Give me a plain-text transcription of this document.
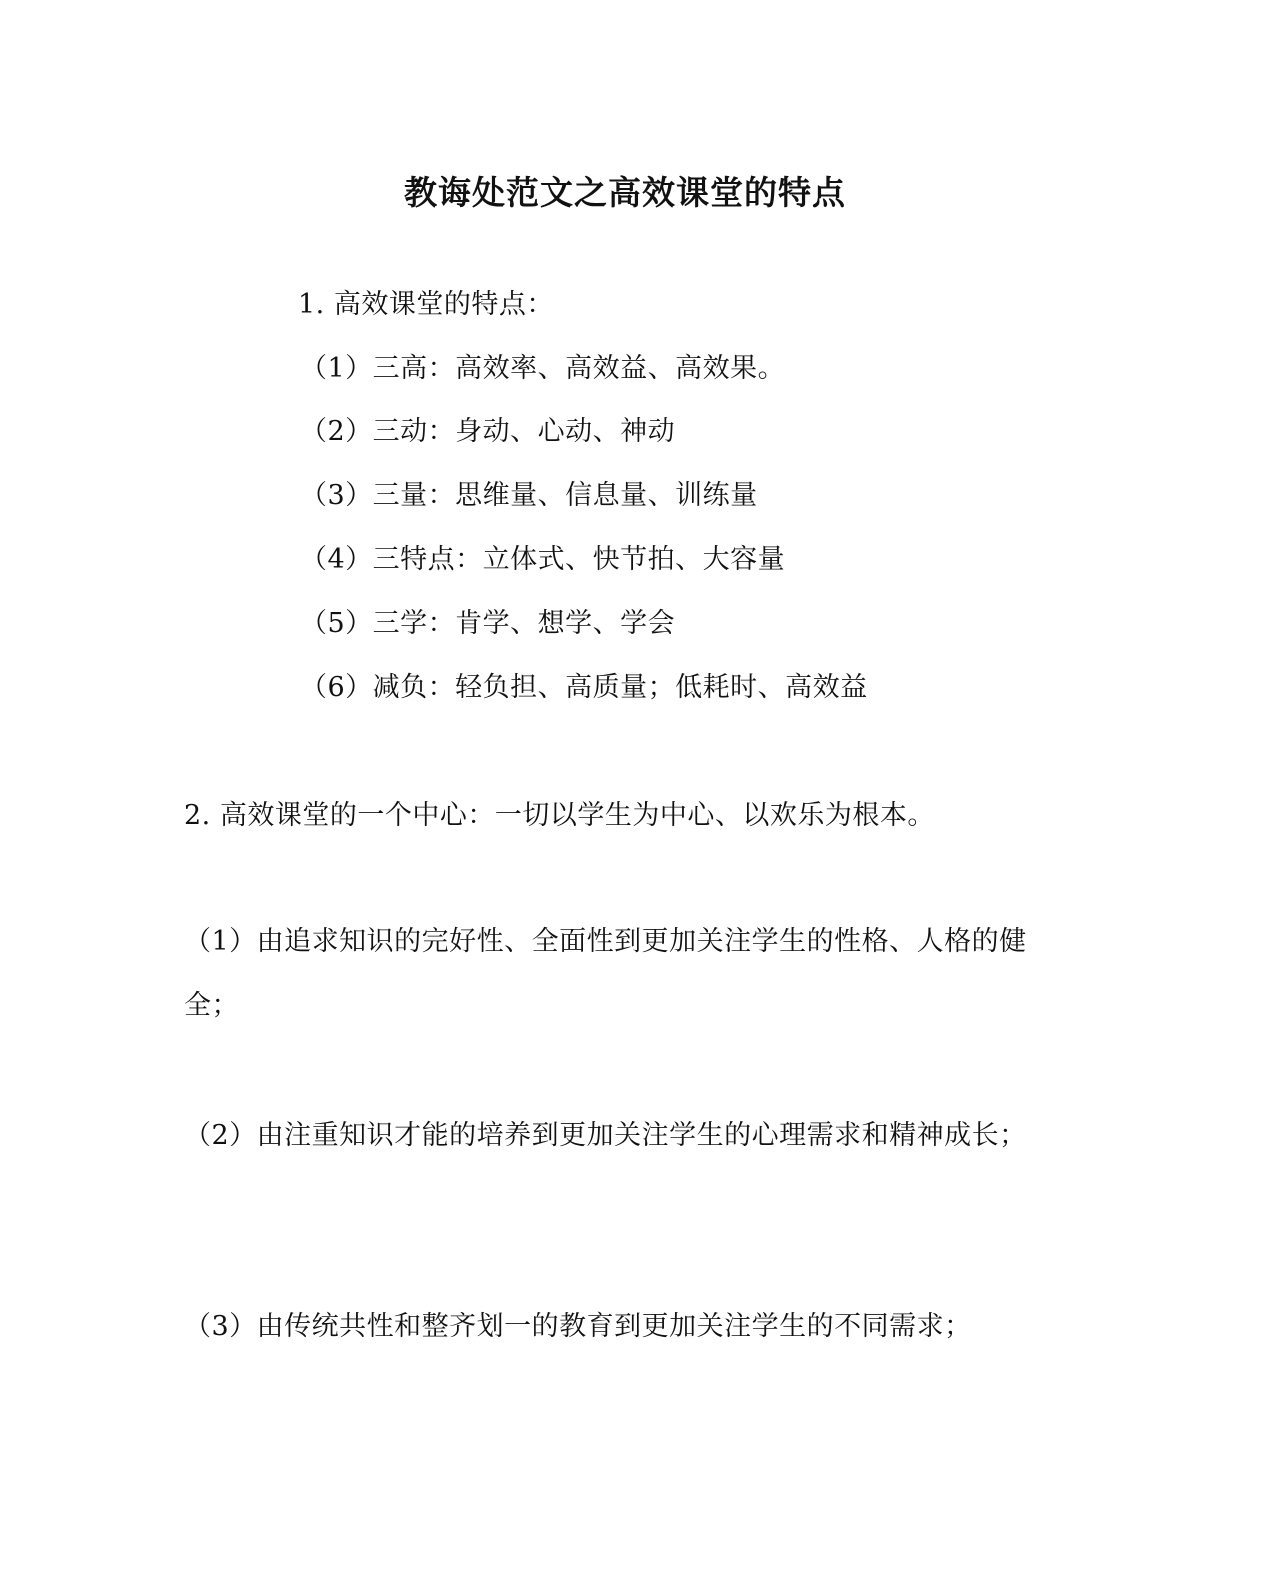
教诲处范文之高效课堂的特点
1. 高效课堂的特点：
（1）三高：高效率、高效益、高效果。
（2）三动：身动、心动、神动
（3）三量：思维量、信息量、训练量
（4）三特点：立体式、快节拍、大容量
（5）三学：肯学、想学、学会
（6）减负：轻负担、高质量；低耗时、高效益
2. 高效课堂的一个中心：一切以学生为中心、以欢乐为根本。
（1）由追求知识的完好性、全面性到更加关注学生的性格、人格的健全；
（2）由注重知识才能的培养到更加关注学生的心理需求和精神成长；
（3）由传统共性和整齐划一的教育到更加关注学生的不同需求；
